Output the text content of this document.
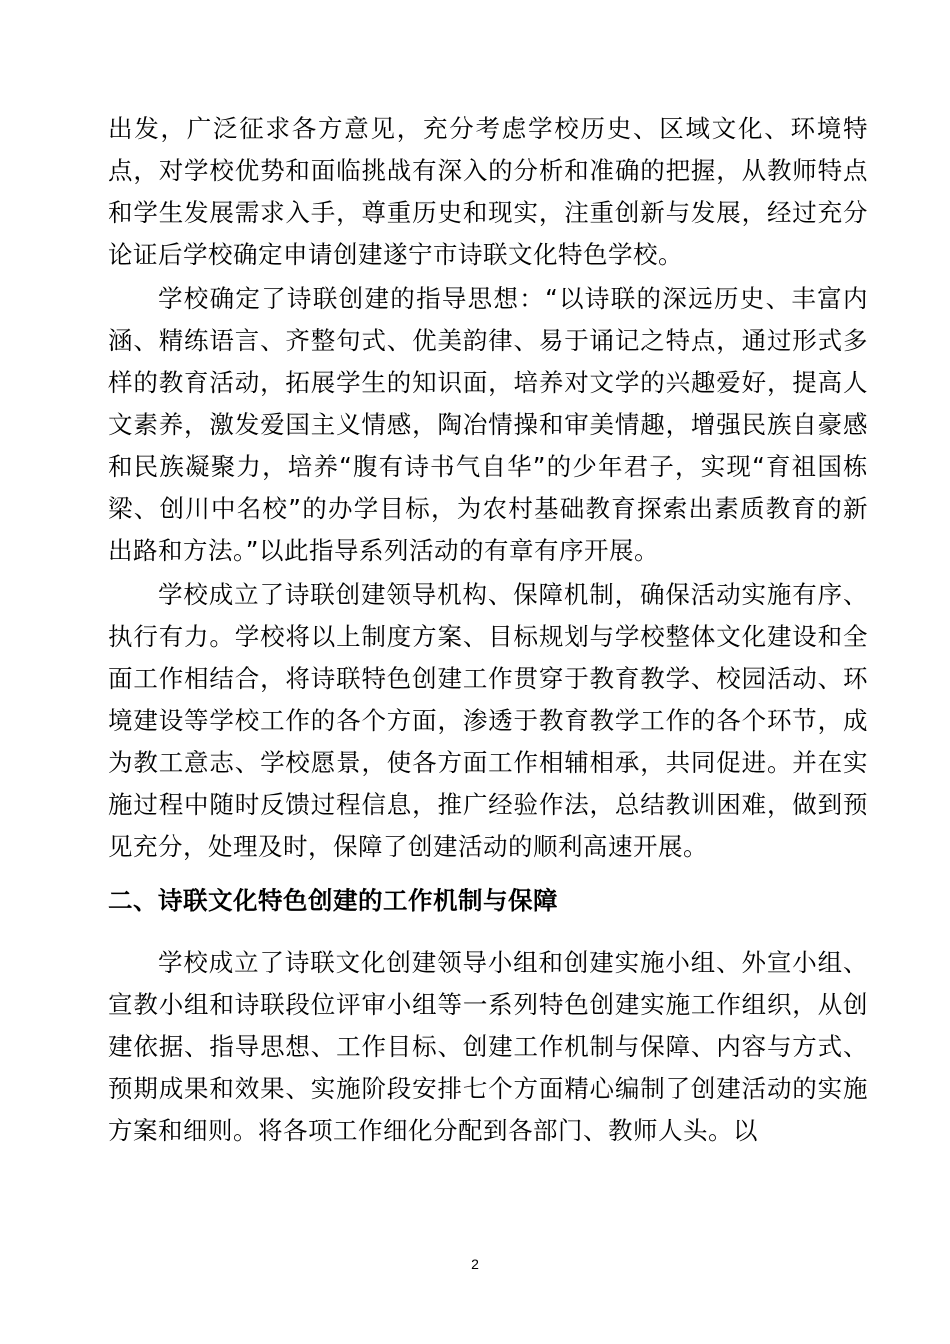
出发，广泛征求各方意见，充分考虑学校历史、区域文化、环境特点，对学校优势和面临挑战有深入的分析和准确的把握，从教师特点和学生发展需求入手，尊重历史和现实，注重创新与发展，经过充分论证后学校确定申请创建遂宁市诗联文化特色学校。

学校确定了诗联创建的指导思想：“以诗联的深远历史、丰富内涵、精练语言、齐整句式、优美韵律、易于诵记之特点，通过形式多样的教育活动，拓展学生的知识面，培养对文学的兴趣爱好，提高人文素养，激发爱国主义情感，陶冶情操和审美情趣，增强民族自豪感和民族凝聚力，培养“腹有诗书气自华”的少年君子，实现“育祖国栋梁、创川中名校”的办学目标，为农村基础教育探索出素质教育的新出路和方法。”以此指导系列活动的有章有序开展。

学校成立了诗联创建领导机构、保障机制，确保活动实施有序、执行有力。学校将以上制度方案、目标规划与学校整体文化建设和全面工作相结合，将诗联特色创建工作贯穿于教育教学、校园活动、环境建设等学校工作的各个方面，渗透于教育教学工作的各个环节，成为教工意志、学校愿景，使各方面工作相辅相承，共同促进。并在实施过程中随时反馈过程信息，推广经验作法，总结教训困难，做到预见充分，处理及时，保障了创建活动的顺利高速开展。

二、诗联文化特色创建的工作机制与保障

学校成立了诗联文化创建领导小组和创建实施小组、外宣小组、宣教小组和诗联段位评审小组等一系列特色创建实施工作组织，从创建依据、指导思想、工作目标、创建工作机制与保障、内容与方式、预期成果和效果、实施阶段安排七个方面精心编制了创建活动的实施方案和细则。将各项工作细化分配到各部门、教师人头。以

2
